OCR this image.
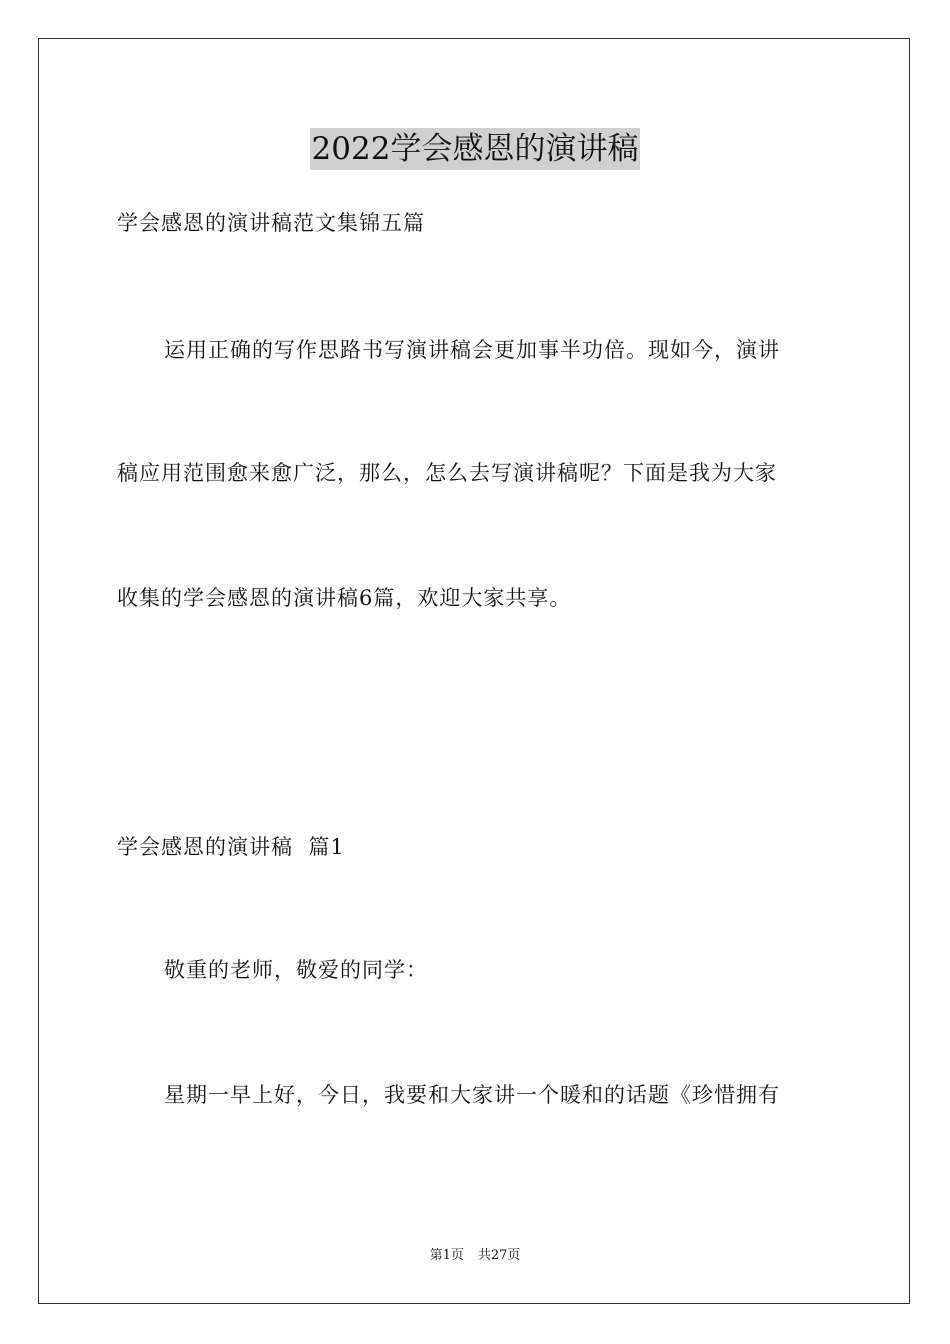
2022学会感恩的演讲稿
学会感恩的演讲稿范文集锦五篇
运用正确的写作思路书写演讲稿会更加事半功倍。现如今，演讲
稿应用范围愈来愈广泛，那么，怎么去写演讲稿呢？下面是我为大家
收集的学会感恩的演讲稿6篇，欢迎大家共享。
学会感恩的演讲稿  篇1
敬重的老师，敬爱的同学：
星期一早上好，今日，我要和大家讲一个暖和的话题《珍惜拥有
第1页 共27页
